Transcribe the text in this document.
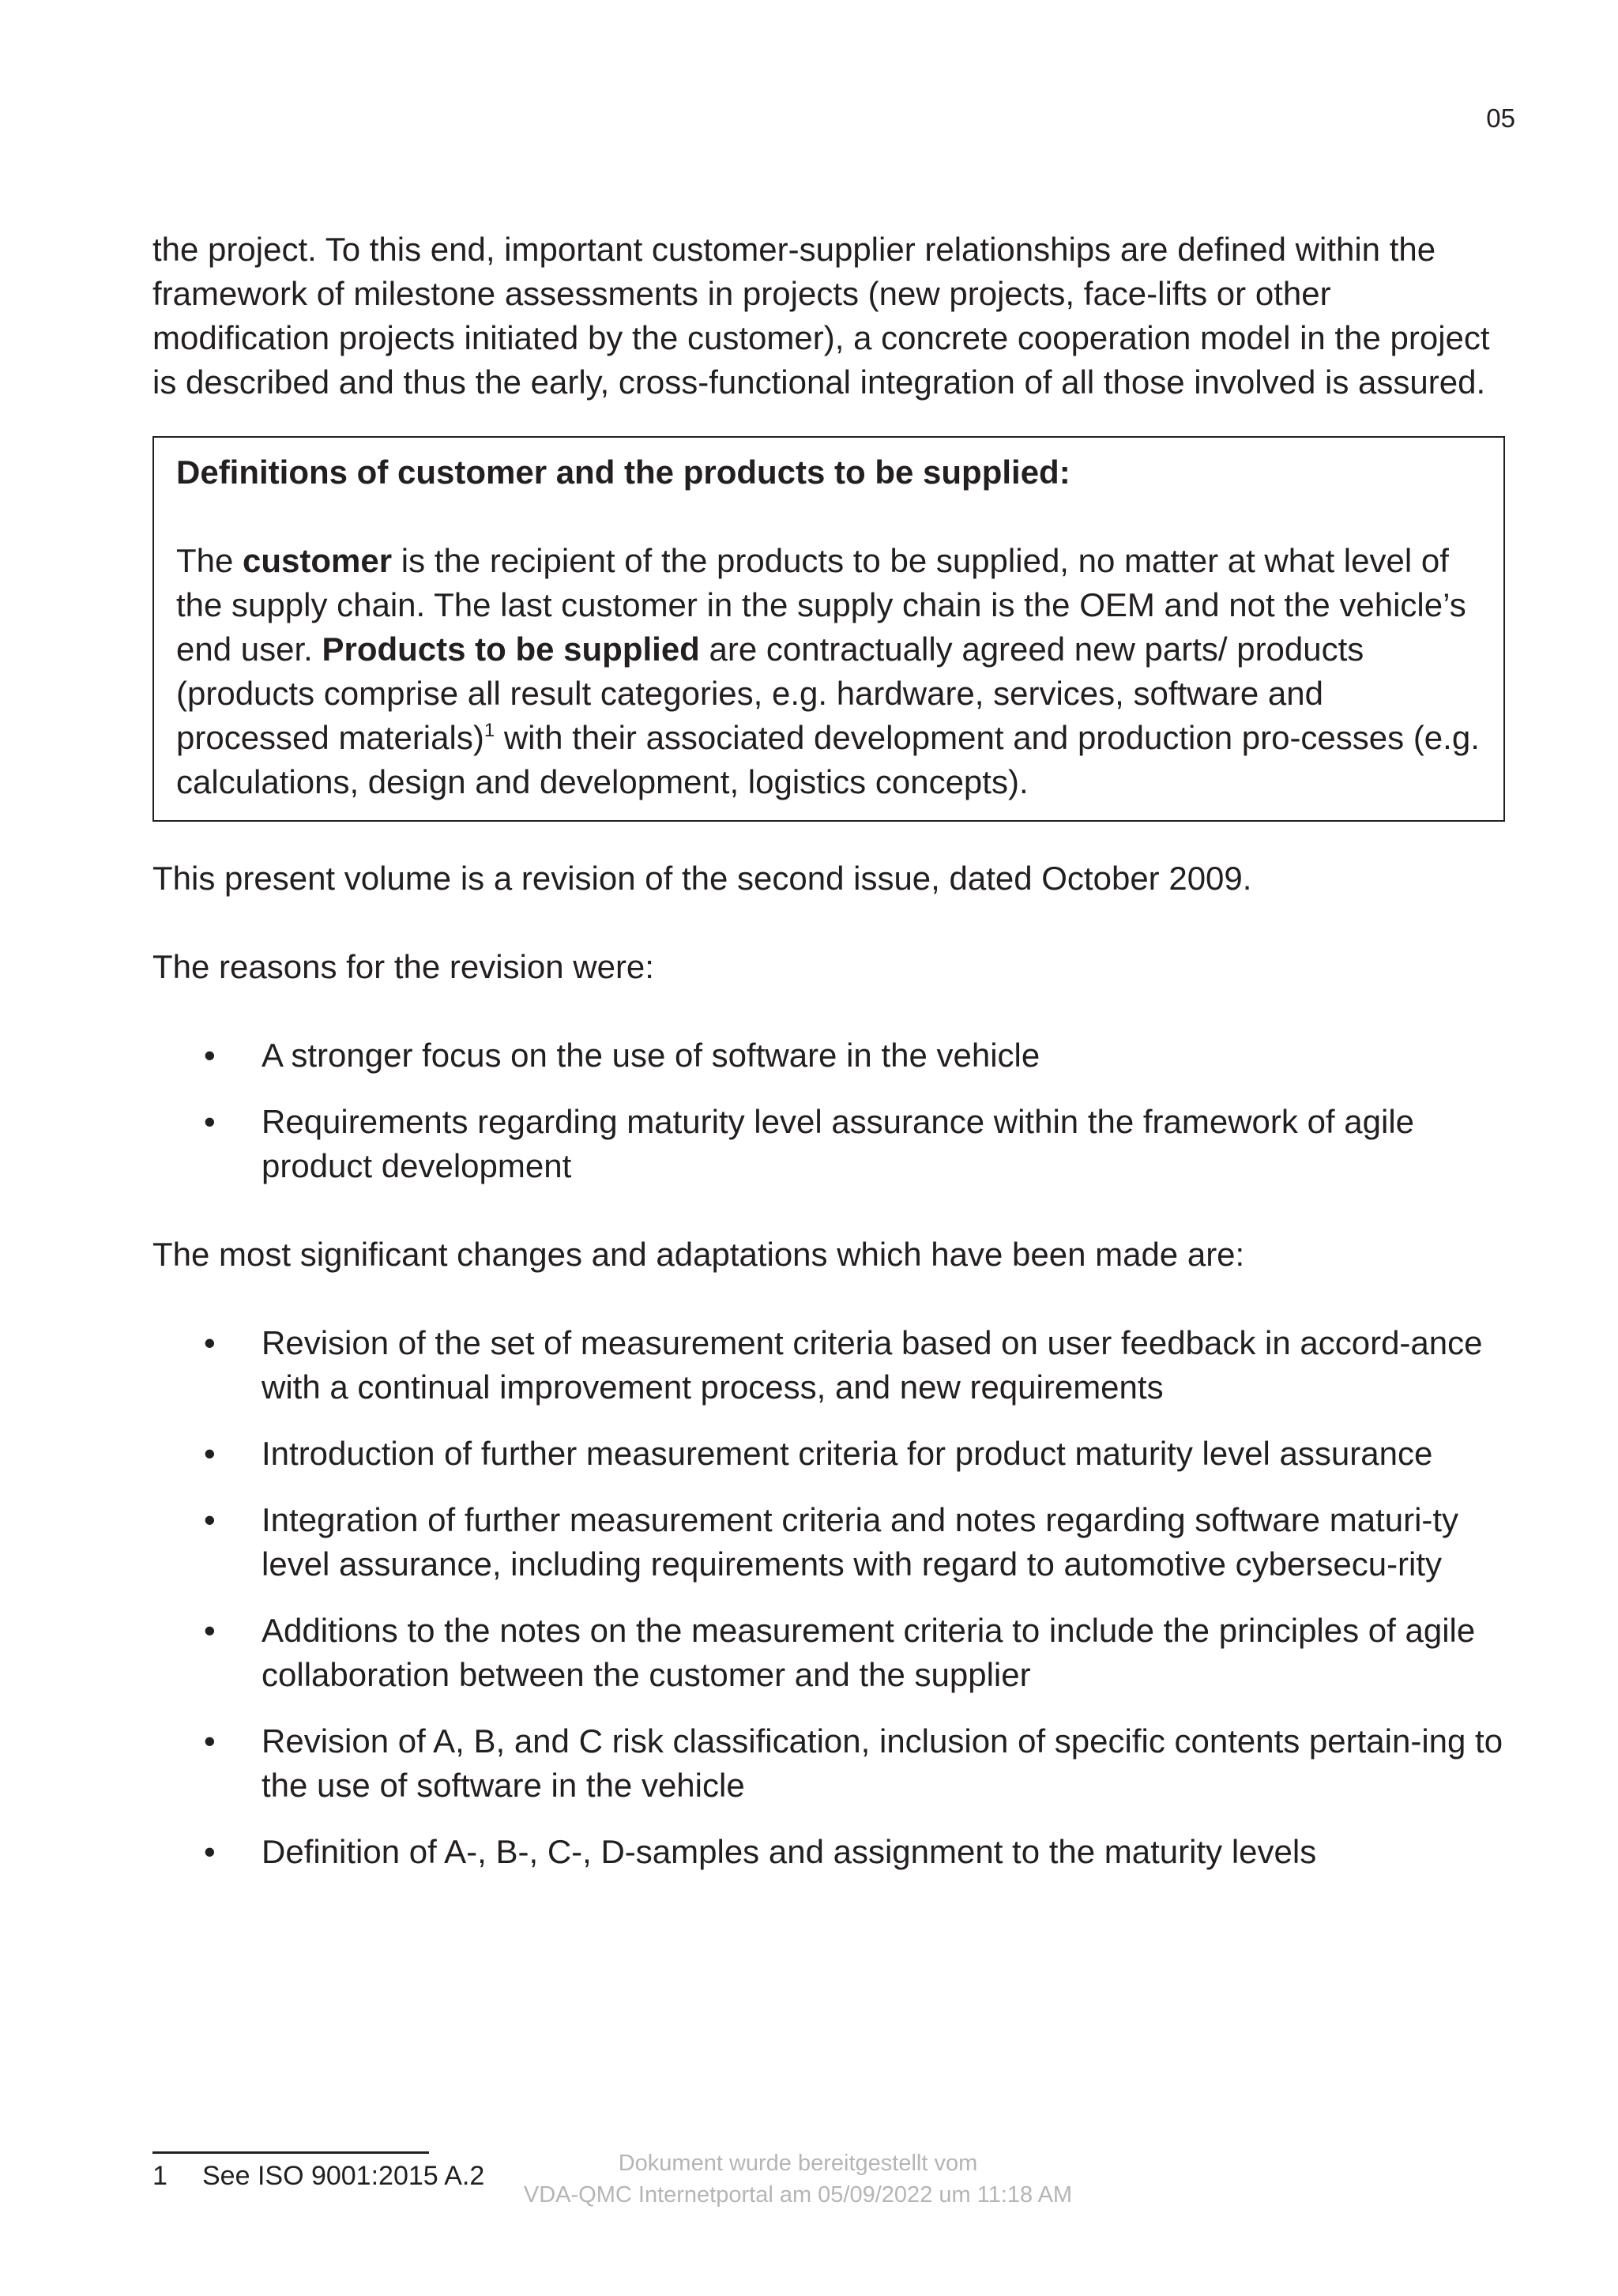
05

the project. To this end, important customer-supplier relationships are defined within the framework of milestone assessments in projects (new projects, face-lifts or other modification projects initiated by the customer), a concrete cooperation model in the project is described and thus the early, cross-functional integration of all those involved is assured.

Definitions of customer and the products to be supplied:

The customer is the recipient of the products to be supplied, no matter at what level of the supply chain. The last customer in the supply chain is the OEM and not the vehicle’s end user. Products to be supplied are contractually agreed new parts/ products (products comprise all result categories, e.g. hardware, services, software and processed materials)$^1$ with their associated development and production pro-cesses (e.g. calculations, design and development, logistics concepts).

This present volume is a revision of the second issue, dated October 2009.

The reasons for the revision were:

• A stronger focus on the use of software in the vehicle
• Requirements regarding maturity level assurance within the framework of agile product development

The most significant changes and adaptations which have been made are:

• Revision of the set of measurement criteria based on user feedback in accord-ance with a continual improvement process, and new requirements
• Introduction of further measurement criteria for product maturity level assurance
• Integration of further measurement criteria and notes regarding software maturi-ty level assurance, including requirements with regard to automotive cybersecu-rity
• Additions to the notes on the measurement criteria to include the principles of agile collaboration between the customer and the supplier
• Revision of A, B, and C risk classification, inclusion of specific contents pertain-ing to the use of software in the vehicle
• Definition of A-, B-, C-, D-samples and assignment to the maturity levels
1 See ISO 9001:2015 A.2	Dokument wurde bereitgestellt vom
VDA-QMC Internetportal am 05/09/2022 um 11:18 AM
